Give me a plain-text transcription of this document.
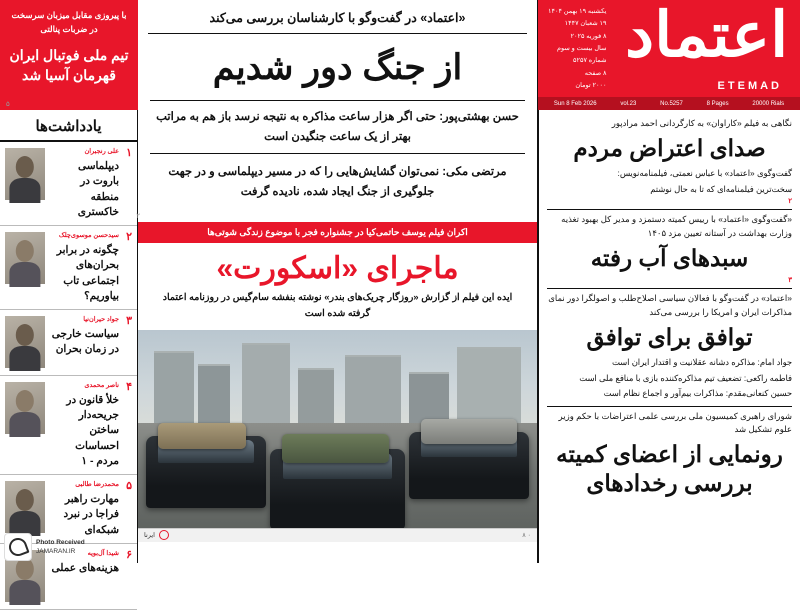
اعتماد
ETEMAD
یکشنبه ۱۹ بهمن ۱۴۰۴
۱۹ شعبان ۱۴۴۷
۸ فوریه ۲۰۲۵
سال بیست و سوم
شماره ۵۲۵۷
۸ صفحه
۲۰۰۰ تومان
Sun 8 Feb 2026	vol.23	No.5257	8 Pages	20000 Rials
«اعتماد» در گفت‌وگو با کارشناسان بررسی می‌کند
از جنگ دور شدیم
حسن بهشتی‌پور: حتی اگر هزار ساعت مذاکره به نتیجه نرسد باز هم به مراتب بهتر از یک ساعت جنگیدن است
مرتضی مکی: نمی‌توان گشایش‌هایی را که در مسیر دیپلماسی و در جهت جلوگیری از جنگ ایجاد شده، نادیده گرفت
با پیروزی مقابل میزبان سرسخت در ضربات پنالتی
تیم ملی فوتبال ایران قهرمان آسیا شد
یادداشت‌ها
۱
علی رنجبران
دیپلماسی باروت در منطقه خاکستری
۲
سیدحسن موسوی‌چلک
چگونه در برابر بحران‌های اجتماعی تاب بیاوریم؟
۳
جواد حیران‌نیا
سیاست خارجی در زمان بحران
۴
ناصر محمدی
خلأ قانون در جریحه‌دار ساختن احساسات مردم - ۱
۵
محمدرضا طالبی
مهارت راهبر فراجا در نبرد شبکه‌ای
۶
شیدا آل‌بویه
هزینه‌های عملی
نگاهی به فیلم «کاراوان» به کارگردانی احمد مرادپور
صدای اعتراض مردم
گفت‌وگوی «اعتماد» با عباس نعمتی، فیلمنامه‌نویس:
سخت‌ترین فیلمنامه‌ای که تا به حال نوشتم
۲
«گفت‌وگوی «اعتماد» با رییس کمیته دستمزد و مدیر کل بهبود تغذیه وزارت بهداشت در آستانه تعیین مزد ۱۴۰۵
سبدهای آب رفته
۳
«اعتماد» در گفت‌وگو با فعالان سیاسی اصلاح‌طلب و اصولگرا دور نمای مذاکرات ایران و امریکا را بررسی می‌کند
توافق برای توافق
جواد امام: مذاکره دشانه عقلانیت و اقتدار ایران است
فاطمه راکعی: تضعیف تیم مذاکره‌کننده بازی با منافع ملی است
حسین کنعانی‌مقدم: مذاکرات بیم‌آور و اجماع نظام است
شورای راهبری کمیسیون ملی بررسی علمی اعتراضات با حکم وزیر علوم تشکیل شد
رونمایی از اعضای کمیته بررسی رخدادهای
اکران فیلم یوسف حاتمی‌کیا در جشنواره فجر با موضوع زندگی شوتی‌ها
ماجرای «اسکورت»
ایده این فیلم از گزارش «روزگار چریک‌های بندر» نوشته بنفشه سام‌گیس در روزنامه اعتماد گرفته شده است
۸ ۰
ایرنا
Photo Received
JAMARAN.IR
۵
۲
